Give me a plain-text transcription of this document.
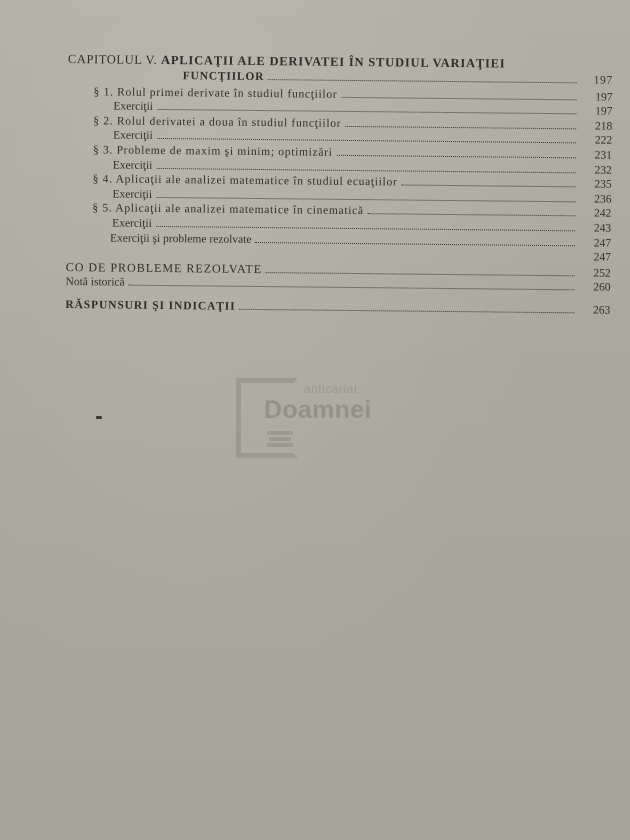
CAPITOLUL V. APLICAŢII ALE DERIVATEI ÎN STUDIUL VARIAŢIEI
FUNCŢIILOR	197
§ 1. Rolul primei derivate în studiul funcţiilor	197
Exerciţii	197
§ 2. Rolul derivatei a doua în studiul funcţiilor	218
Exerciţii	222
§ 3. Probleme de maxim şi minim; optimizări	231
Exerciţii	232
§ 4. Aplicaţii ale analizei matematice în studiul ecuaţiilor	235
Exerciţii	236
§ 5. Aplicaţii ale analizei matematice în cinematică	242
Exerciţii	243
Exerciţii şi probleme rezolvate	247
247
CO DE PROBLEME REZOLVATE	252
Notă istorică	260
RĂSPUNSURI ŞI INDICAŢII	263
anticariat
Doamnei
